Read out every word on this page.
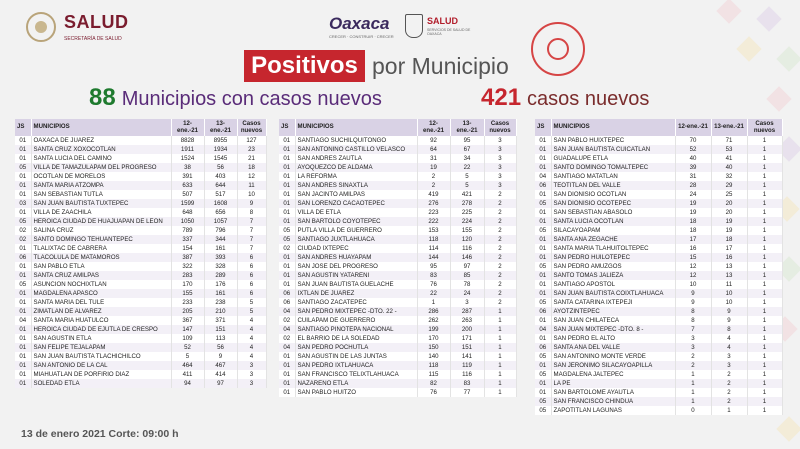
SALUD
SECRETARÍA DE SALUD
Oaxaca
CRECER · CONSTRUIR · CRECER
SALUD
SERVICIOS DE SALUD DE OAXACA
Positivos por Municipio
88 Municipios con casos nuevos	421 casos nuevos
JS	MUNICIPIOS	12-ene.-21	13-ene.-21	Casos nuevos
01	OAXACA DE JUAREZ	8828	8955	127
01	SANTA CRUZ XOXOCOTLAN	1911	1934	23
01	SANTA LUCIA DEL CAMINO	1524	1545	21
05	VILLA DE TAMAZULAPAM DEL PROGRESO	38	56	18
01	OCOTLAN DE MORELOS	391	403	12
01	SANTA MARIA ATZOMPA	633	644	11
01	SAN SEBASTIAN TUTLA	507	517	10
03	SAN JUAN BAUTISTA TUXTEPEC	1599	1608	9
01	VILLA DE ZAACHILA	648	656	8
05	HEROICA CIUDAD DE HUAJUAPAN DE LEON	1050	1057	7
02	SALINA CRUZ	789	796	7
02	SANTO DOMINGO TEHUANTEPEC	337	344	7
01	TLALIXTAC DE CABRERA	154	161	7
06	TLACOLULA DE MATAMOROS	387	393	6
01	SAN PABLO ETLA	322	328	6
01	SANTA CRUZ AMILPAS	283	289	6
05	ASUNCION NOCHIXTLAN	170	176	6
01	MAGDALENA APASCO	155	161	6
01	SANTA MARIA DEL TULE	233	238	5
01	ZIMATLAN DE ALVAREZ	205	210	5
04	SANTA MARIA HUATULCO	367	371	4
01	HEROICA CIUDAD DE EJUTLA DE CRESPO	147	151	4
01	SAN AGUSTIN ETLA	109	113	4
01	SAN FELIPE TEJALAPAM	52	56	4
01	SAN JUAN BAUTISTA TLACHICHILCO	5	9	4
01	SAN ANTONIO DE LA CAL	464	467	3
01	MIAHUATLAN DE PORFIRIO DIAZ	411	414	3
01	SOLEDAD ETLA	94	97	3
JS	MUNICIPIOS	12-ene.-21	13-ene.-21	Casos nuevos
01	SANTIAGO SUCHILQUITONGO	92	95	3
01	SAN ANTONINO CASTILLO VELASCO	64	67	3
01	SAN ANDRES ZAUTLA	31	34	3
01	AYOQUEZCO DE ALDAMA	19	22	3
01	LA REFORMA	2	5	3
01	SAN ANDRES SINAXTLA	2	5	3
01	SAN JACINTO AMILPAS	419	421	2
01	SAN LORENZO CACAOTEPEC	276	278	2
01	VILLA DE ETLA	223	225	2
01	SAN BARTOLO COYOTEPEC	222	224	2
05	PUTLA VILLA DE GUERRERO	153	155	2
05	SANTIAGO JUXTLAHUACA	118	120	2
02	CIUDAD IXTEPEC	114	116	2
01	SAN ANDRES HUAYAPAM	144	146	2
01	SAN JOSE DEL PROGRESO	95	97	2
01	SAN AGUSTIN YATARENI	83	85	2
01	SAN JUAN BAUTISTA GUELACHE	76	78	2
06	IXTLAN DE JUAREZ	22	24	2
06	SANTIAGO ZACATEPEC	1	3	2
04	SAN PEDRO MIXTEPEC -DTO. 22 -	286	287	1
02	CUILAPAM DE GUERRERO	262	263	1
04	SANTIAGO PINOTEPA NACIONAL	199	200	1
02	EL BARRIO DE LA SOLEDAD	170	171	1
04	SAN PEDRO POCHUTLA	150	151	1
01	SAN AGUSTIN DE LAS JUNTAS	140	141	1
01	SAN PEDRO IXTLAHUACA	118	119	1
01	SAN FRANCISCO TELIXTLAHUACA	115	116	1
01	NAZARENO ETLA	82	83	1
01	SAN PABLO HUITZO	76	77	1
JS	MUNICIPIOS	12-ene.-21	13-ene.-21	Casos nuevos
01	SAN PABLO HUIXTEPEC	70	71	1
01	SAN JUAN BAUTISTA CUICATLAN	52	53	1
01	GUADALUPE ETLA	40	41	1
01	SANTO DOMINGO TOMALTEPEC	39	40	1
04	SANTIAGO MATATLAN	31	32	1
06	TEOTITLAN DEL VALLE	28	29	1
01	SAN DIONISIO OCOTLAN	24	25	1
05	SAN DIONISIO OCOTEPEC	19	20	1
01	SAN SEBASTIAN ABASOLO	19	20	1
01	SANTA LUCIA OCOTLAN	18	19	1
05	SILACAYOAPAM	18	19	1
01	SANTA ANA ZEGACHE	17	18	1
01	SANTA MARIA TLAHUITOLTEPEC	16	17	1
01	SAN PEDRO HUILOTEPEC	15	16	1
05	SAN PEDRO AMUZGOS	12	13	1
01	SANTO TOMAS JALIEZA	12	13	1
01	SANTIAGO APOSTOL	10	11	1
01	SAN JUAN BAUTISTA COIXTLAHUACA	9	10	1
05	SANTA CATARINA IXTEPEJI	9	10	1
06	AYOTZINTEPEC	8	9	1
01	SAN JUAN CHILATECA	8	9	1
04	SAN JUAN MIXTEPEC -DTO. 8 -	7	8	1
01	SAN PEDRO EL ALTO	3	4	1
06	SANTA ANA DEL VALLE	3	4	1
05	SAN ANTONINO MONTE VERDE	2	3	1
01	SAN JERONIMO SILACAYOAPILLA	2	3	1
05	MAGDALENA JALTEPEC	1	2	1
01	LA PE	1	2	1
01	SAN BARTOLOME AYAUTLA	1	2	1
05	SAN FRANCISCO CHINDUA	1	2	1
05	ZAPOTITLAN LAGUNAS	0	1	1
13 de enero 2021 Corte: 09:00 h
